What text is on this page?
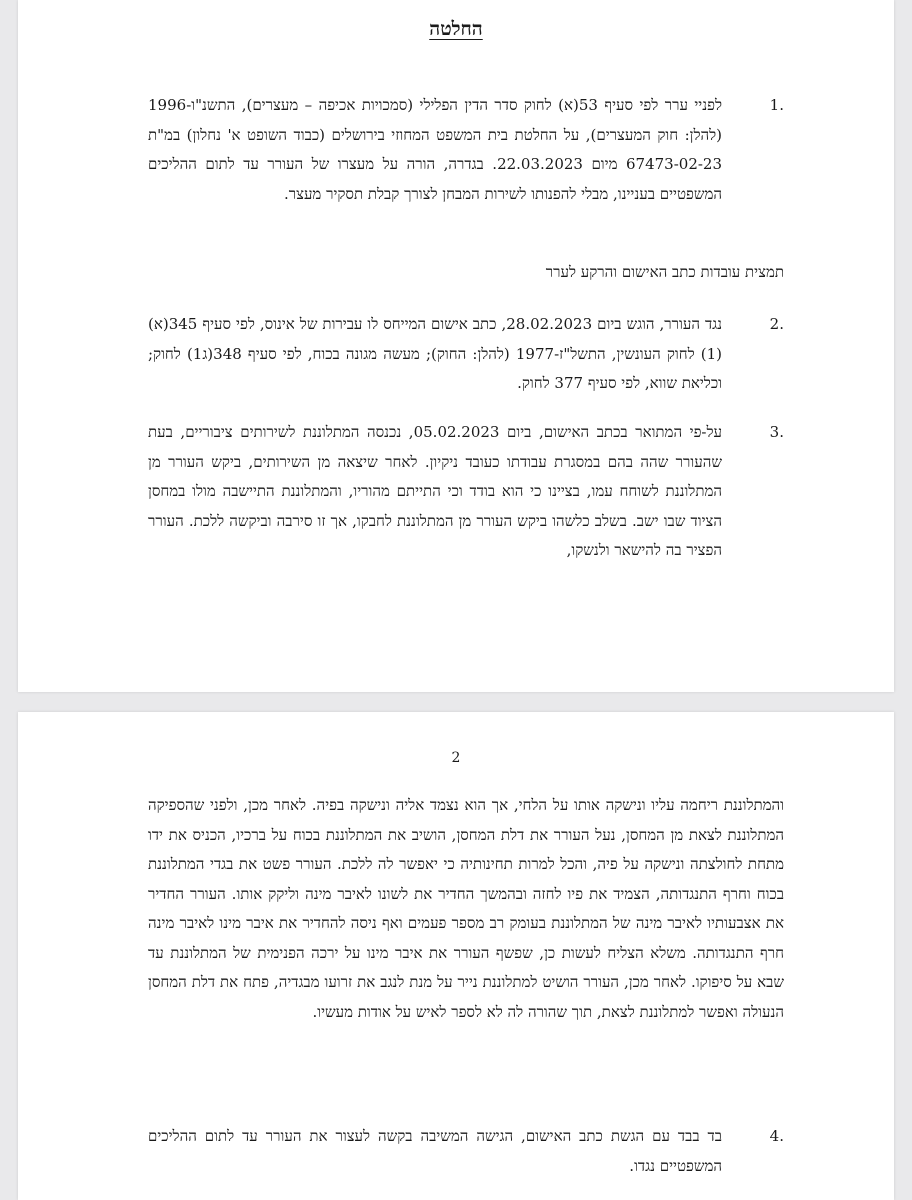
החלטה
.1
לפניי ערר לפי סעיף 53(א) לחוק סדר הדין הפלילי (סמכויות אכיפה – מעצרים), התשנ"ו-1996 (להלן: חוק המעצרים), על החלטת בית המשפט המחוזי בירושלים (כבוד השופט א' נחלון) במ"ת 67473-02-23 מיום 22.03.2023. בגדרה, הורה על מעצרו של העורר עד לתום ההליכים המשפטיים בעניינו, מבלי להפנותו לשירות המבחן לצורך קבלת תסקיר מעצר.
תמצית עובדות כתב האישום והרקע לערר
.2
נגד העורר, הוגש ביום 28.02.2023, כתב אישום המייחס לו עבירות של אינוס, לפי סעיף 345(א)(1) לחוק העונשין, התשל"ז-1977 (להלן: החוק); מעשה מגונה בכוח, לפי סעיף 348(ג1) לחוק; וכליאת שווא, לפי סעיף 377 לחוק.
.3
על-פי המתואר בכתב האישום, ביום 05.02.2023, נכנסה המתלוננת לשירותים ציבוריים, בעת שהעורר שהה בהם במסגרת עבודתו כעובד ניקיון. לאחר שיצאה מן השירותים, ביקש העורר מן המתלוננת לשוחח עמו, בציינו כי הוא בודד וכי התייתם מהוריו, והמתלוננת התיישבה מולו במחסן הציוד שבו ישב. בשלב כלשהו ביקש העורר מן המתלוננת לחבקו, אך זו סירבה וביקשה ללכת. העורר הפציר בה להישאר ולנשקו,
2
והמתלוננת ריחמה עליו ונישקה אותו על הלחי, אך הוא נצמד אליה ונישקה בפיה. לאחר מכן, ולפני שהספיקה המתלוננת לצאת מן המחסן, נעל העורר את דלת המחסן, הושיב את המתלוננת בכוח על ברכיו, הכניס את ידו מתחת לחולצתה ונישקה על פיה, והכל למרות תחינותיה כי יאפשר לה ללכת. העורר פשט את בגדי המתלוננת בכוח וחרף התנגדותה, הצמיד את פיו לחזה ובהמשך החדיר את לשונו לאיבר מינה וליקק אותו. העורר החדיר את אצבעותיו לאיבר מינה של המתלוננת בעומק רב מספר פעמים ואף ניסה להחדיר את איבר מינו לאיבר מינה חרף התנגדותה. משלא הצליח לעשות כן, שפשף העורר את איבר מינו על ירכה הפנימית של המתלוננת עד שבא על סיפוקו. לאחר מכן, העורר הושיט למתלוננת נייר על מנת לנגב את זרועו מבגדיה, פתח את דלת המחסן הנעולה ואפשר למתלוננת לצאת, תוך שהורה לה לא לספר לאיש על אודות מעשיו.
.4
בד בבד עם הגשת כתב האישום, הגישה המשיבה בקשה לעצור את העורר עד לתום ההליכים המשפטיים נגדו.
